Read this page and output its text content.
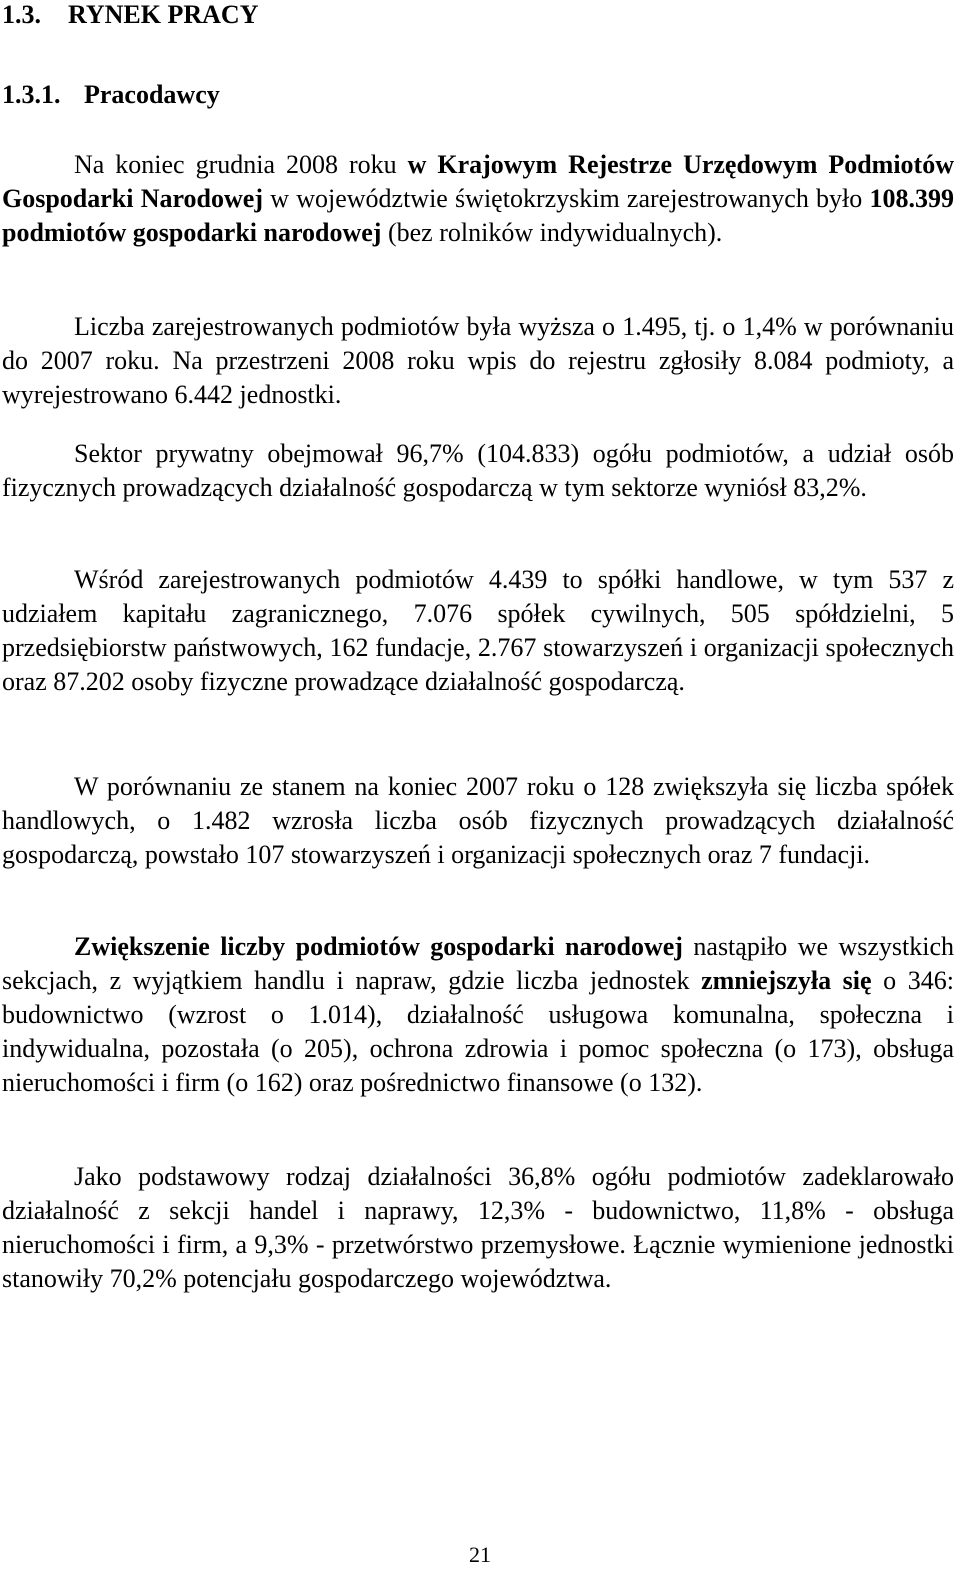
1.3. RYNEK PRACY
1.3.1. Pracodawcy

Na koniec grudnia 2008 roku w Krajowym Rejestrze Urzędowym Podmiotów Gospodarki Narodowej w województwie świętokrzyskim zarejestrowanych było 108.399 podmiotów gospodarki narodowej (bez rolników indywidualnych).

Liczba zarejestrowanych podmiotów była wyższa o 1.495, tj. o 1,4% w porównaniu do 2007 roku. Na przestrzeni 2008 roku wpis do rejestru zgłosiły 8.084 podmioty, a wyrejestrowano 6.442 jednostki.

Sektor prywatny obejmował 96,7% (104.833) ogółu podmiotów, a udział osób fizycznych prowadzących działalność gospodarczą w tym sektorze wyniósł 83,2%.

Wśród zarejestrowanych podmiotów 4.439 to spółki handlowe, w tym 537 z udziałem kapitału zagranicznego, 7.076 spółek cywilnych, 505 spółdzielni, 5 przedsiębiorstw państwowych, 162 fundacje, 2.767 stowarzyszeń i organizacji społecznych oraz 87.202 osoby fizyczne prowadzące działalność gospodarczą.

W porównaniu ze stanem na koniec 2007 roku o 128 zwiększyła się liczba spółek handlowych, o 1.482 wzrosła liczba osób fizycznych prowadzących działalność gospodarczą, powstało 107 stowarzyszeń i organizacji społecznych oraz 7 fundacji.

Zwiększenie liczby podmiotów gospodarki narodowej nastąpiło we wszystkich sekcjach, z wyjątkiem handlu i napraw, gdzie liczba jednostek zmniejszyła się o 346: budownictwo (wzrost o 1.014), działalność usługowa komunalna, społeczna i indywidualna, pozostała (o 205), ochrona zdrowia i pomoc społeczna (o 173), obsługa nieruchomości i firm (o 162) oraz pośrednictwo finansowe (o 132).

Jako podstawowy rodzaj działalności 36,8% ogółu podmiotów zadeklarowało działalność z sekcji handel i naprawy, 12,3% - budownictwo, 11,8% - obsługa nieruchomości i firm, a 9,3% - przetwórstwo przemysłowe. Łącznie wymienione jednostki stanowiły 70,2% potencjału gospodarczego województwa.

21
